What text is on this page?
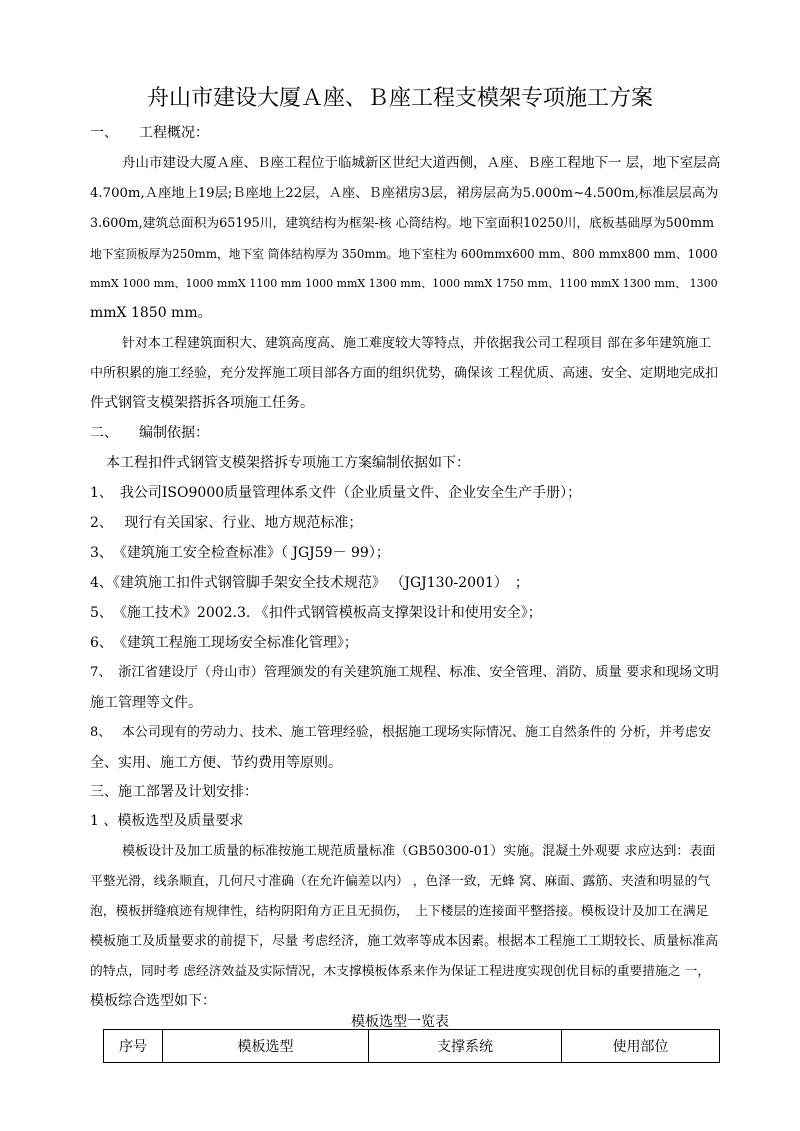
舟山市建设大厦Ａ座、Ｂ座工程支模架专项施工方案
一、　　工程概况：
舟山市建设大厦Ａ座、Ｂ座工程位于临城新区世纪大道西侧，Ａ座、Ｂ座工程地下一 层，地下室层高
4.700m,Ａ座地上19层;Ｂ座地上22层，Ａ座、Ｂ座裙房3层，裙房层高为5.000m~4.500m,标准层层高为
3.600m,建筑总面积为65195川，建筑结构为框架-核 心筒结构。地下室面积10250川，底板基础厚为500mm
地下室顶板厚为250mm，地下室 筒体结构厚为 350mm。地下室柱为 600mmx600 mm、800 mmx800 mm、1000
mmX 1000 mm、1000 mmX 1100 mm 1000 mmX 1300 mm、1000 mmX 1750 mm、1100 mmX 1300 mm、 1300
mmX 1850 mm。
针对本工程建筑面积大、建筑高度高、施工难度较大等特点，并依据我公司工程项目 部在多年建筑施工
中所积累的施工经验，充分发挥施工项目部各方面的组织优势，确保该 工程优质、高速、安全、定期地完成扣
件式钢管支模架搭拆各项施工任务。
二、　　编制依据：
本工程扣件式钢管支模架搭拆专项施工方案编制依据如下：
1、　我公司ISO9000质量管理体系文件（企业质量文件、企业安全生产手册）；
2、　 现行有关国家、行业、地方规范标准；
3、　《建筑施工安全检查标准》（ JGJ59－ 99）；
4、《建筑施工扣件式钢管脚手架安全技术规范》 （JGJ130-2001）　；
5、　《施工技术》2002.3. 《扣件式钢管模板高支撑架设计和使用安全》；
6、　《建筑工程施工现场安全标准化管理》；
7、　浙江省建设厅（舟山市）管理颁发的有关建筑施工规程、标准、安全管理、消防、质量 要求和现场文明
施工管理等文件。
8、　 本公司现有的劳动力、技术、施工管理经验，根据施工现场实际情况、施工自然条件的 分析，并考虑安
全、实用、施工方便、节约费用等原则。
三、施工部署及计划安排：
1 、模板选型及质量要求
模板设计及加工质量的标准按施工规范质量标准（GB50300-01）实施。混凝土外观要 求应达到：表面
平整光滑，线条顺直，几何尺寸准确（在允许偏差以内） ，色泽一致，无蜂 窝、麻面、露筋、夹渣和明显的气
泡，模板拼缝痕迹有规律性，结构阴阳角方正且无损伤，　上下楼层的连接面平整搭接。模板设计及加工在满足
模板施工及质量要求的前提下，尽量 考虑经济，施工效率等成本因素。根据本工程施工工期较长、质量标准高
的特点，同时考 虑经济效益及实际情况，木支撑模板体系来作为保证工程进度实现创优目标的重要措施之 一，
模板综合选型如下：
模板选型一览表
序号	模板选型	支撑系统	使用部位
